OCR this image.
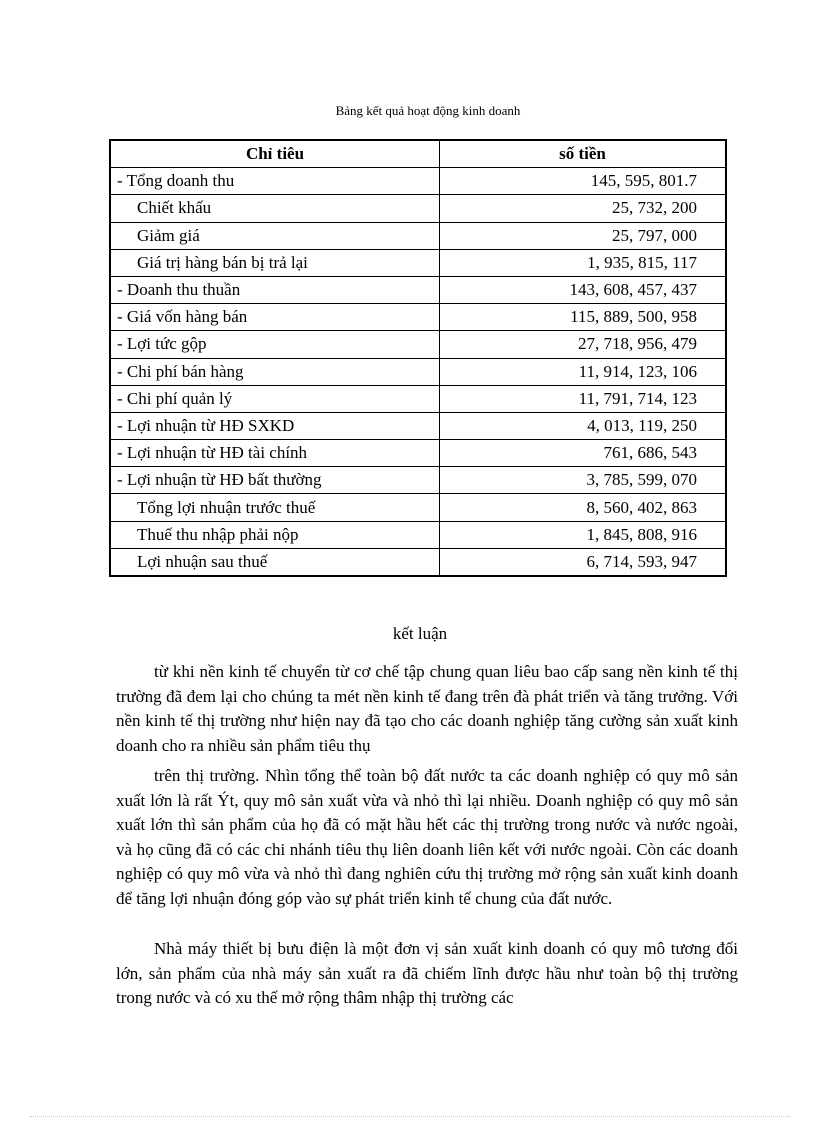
Bảng kết quả hoạt động kinh doanh
Chỉ tiêu	số tiền
- Tổng doanh thu	145, 595, 801.7
Chiết khấu	25, 732, 200
Giảm giá	25, 797, 000
Giá trị hàng bán bị trả lại	1, 935, 815, 117
- Doanh thu thuần	143, 608, 457, 437
- Giá vốn hàng bán	115, 889, 500, 958
- Lợi tức gộp	27, 718, 956, 479
- Chi phí bán hàng	11, 914, 123, 106
- Chi phí quản lý	11, 791, 714, 123
- Lợi nhuận từ HĐ SXKD	4, 013, 119, 250
- Lợi nhuận từ HĐ tài chính	761, 686, 543
- Lợi nhuận từ HĐ bất thường	3, 785, 599, 070
Tổng lợi nhuận trước thuế	8, 560, 402, 863
Thuế thu nhập phải nộp	1, 845, 808, 916
Lợi nhuận sau thuế	6, 714, 593, 947
kết luận

từ khi nền kinh tế chuyển từ cơ chế tập chung quan liêu bao cấp sang nền kinh tế thị trường đã đem lại cho chúng ta mét nền kinh tế đang trên đà phát triển và tăng trưởng. Với nền kinh tế thị trường như hiện nay đã tạo cho các doanh nghiệp tăng cường sản xuất kinh doanh cho ra nhiều sản phẩm tiêu thụ

trên thị trường. Nhìn tổng thể toàn bộ đất nước ta các doanh nghiệp có quy mô sản xuất lớn là rất Ýt, quy mô sản xuất vừa và nhỏ thì lại nhiều. Doanh nghiệp có quy mô sản xuất lớn thì sản phẩm của họ đã có mặt hầu hết các thị trường trong nước và nước ngoài, và họ cũng đã có các chi nhánh tiêu thụ liên doanh liên kết với nước ngoài. Còn các doanh nghiệp có quy mô vừa và nhỏ thì đang nghiên cứu thị trường mở rộng sản xuất kinh doanh để tăng lợi nhuận đóng góp vào sự phát triển kinh tế chung của đất nước.

Nhà máy thiết bị bưu điện là một đơn vị sản xuất kinh doanh có quy mô tương đối lớn, sản phẩm của nhà máy sản xuất ra đã chiếm lĩnh được hầu như toàn bộ thị trường trong nước và có xu thế mở rộng thâm nhập thị trường các
